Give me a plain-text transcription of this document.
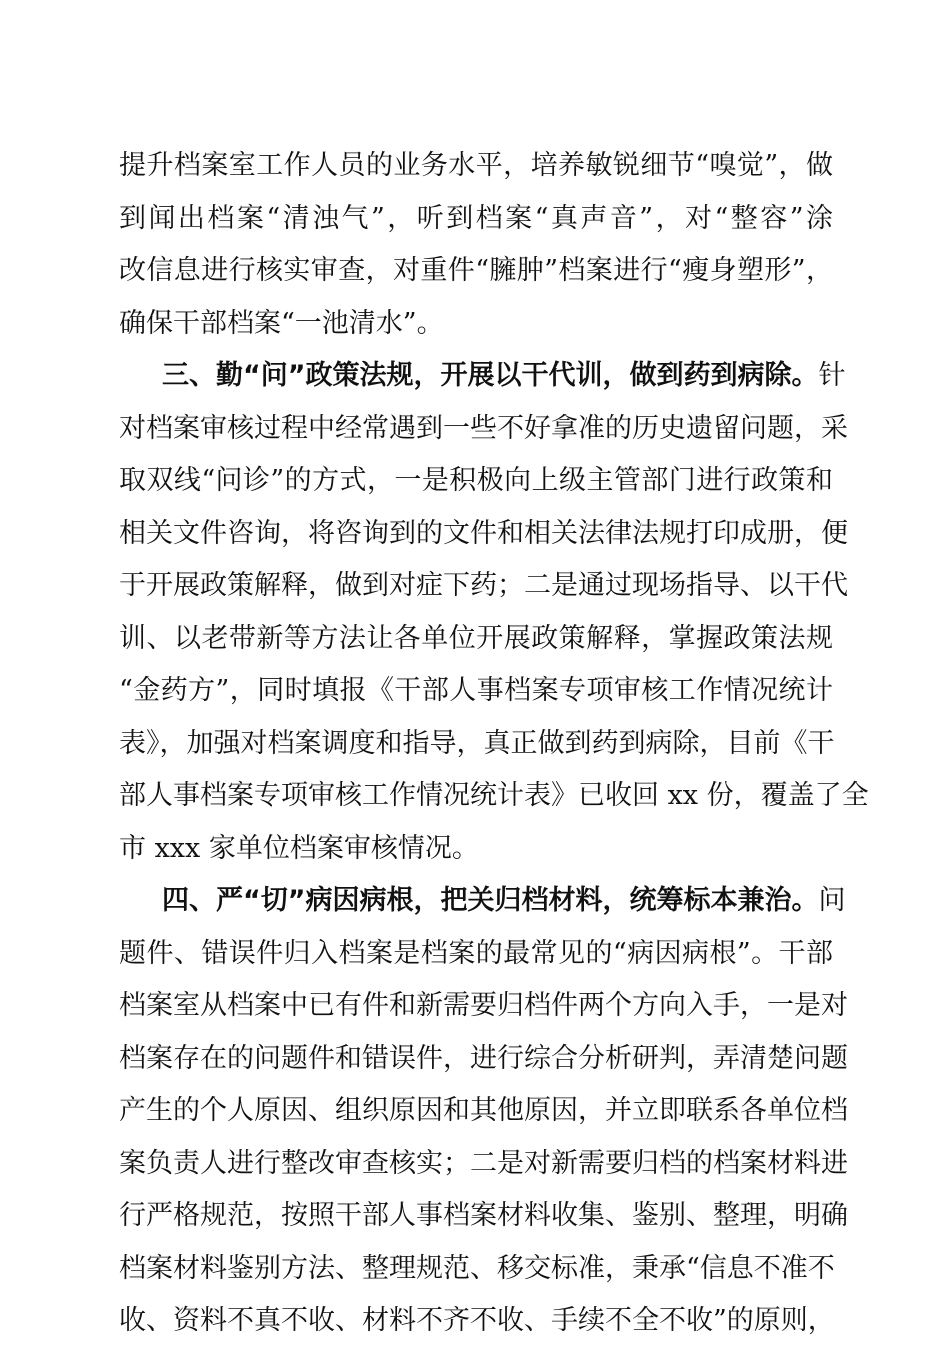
提升档案室工作人员的业务水平，培养敏锐细节“嗅觉”，做
到闻出档案“清浊气”，听到档案“真声音”，对“整容”涂
改信息进行核实审查，对重件“臃肿”档案进行“瘦身塑形”，
确保干部档案“一池清水”。
三、勤“问”政策法规，开展以干代训，做到药到病除。针
对档案审核过程中经常遇到一些不好拿准的历史遗留问题，采
取双线“问诊”的方式，一是积极向上级主管部门进行政策和
相关文件咨询，将咨询到的文件和相关法律法规打印成册，便
于开展政策解释，做到对症下药；二是通过现场指导、以干代
训、以老带新等方法让各单位开展政策解释，掌握政策法规
“金药方”，同时填报《干部人事档案专项审核工作情况统计
表》，加强对档案调度和指导，真正做到药到病除，目前《干
部人事档案专项审核工作情况统计表》已收回 xx 份，覆盖了全
市 xxx 家单位档案审核情况。
四、严“切”病因病根，把关归档材料，统筹标本兼治。问
题件、错误件归入档案是档案的最常见的“病因病根”。干部
档案室从档案中已有件和新需要归档件两个方向入手，一是对
档案存在的问题件和错误件，进行综合分析研判，弄清楚问题
产生的个人原因、组织原因和其他原因，并立即联系各单位档
案负责人进行整改审查核实；二是对新需要归档的档案材料进
行严格规范，按照干部人事档案材料收集、鉴别、整理，明确
档案材料鉴别方法、整理规范、移交标准，秉承“信息不准不
收、资料不真不收、材料不齐不收、手续不全不收”的原则，
